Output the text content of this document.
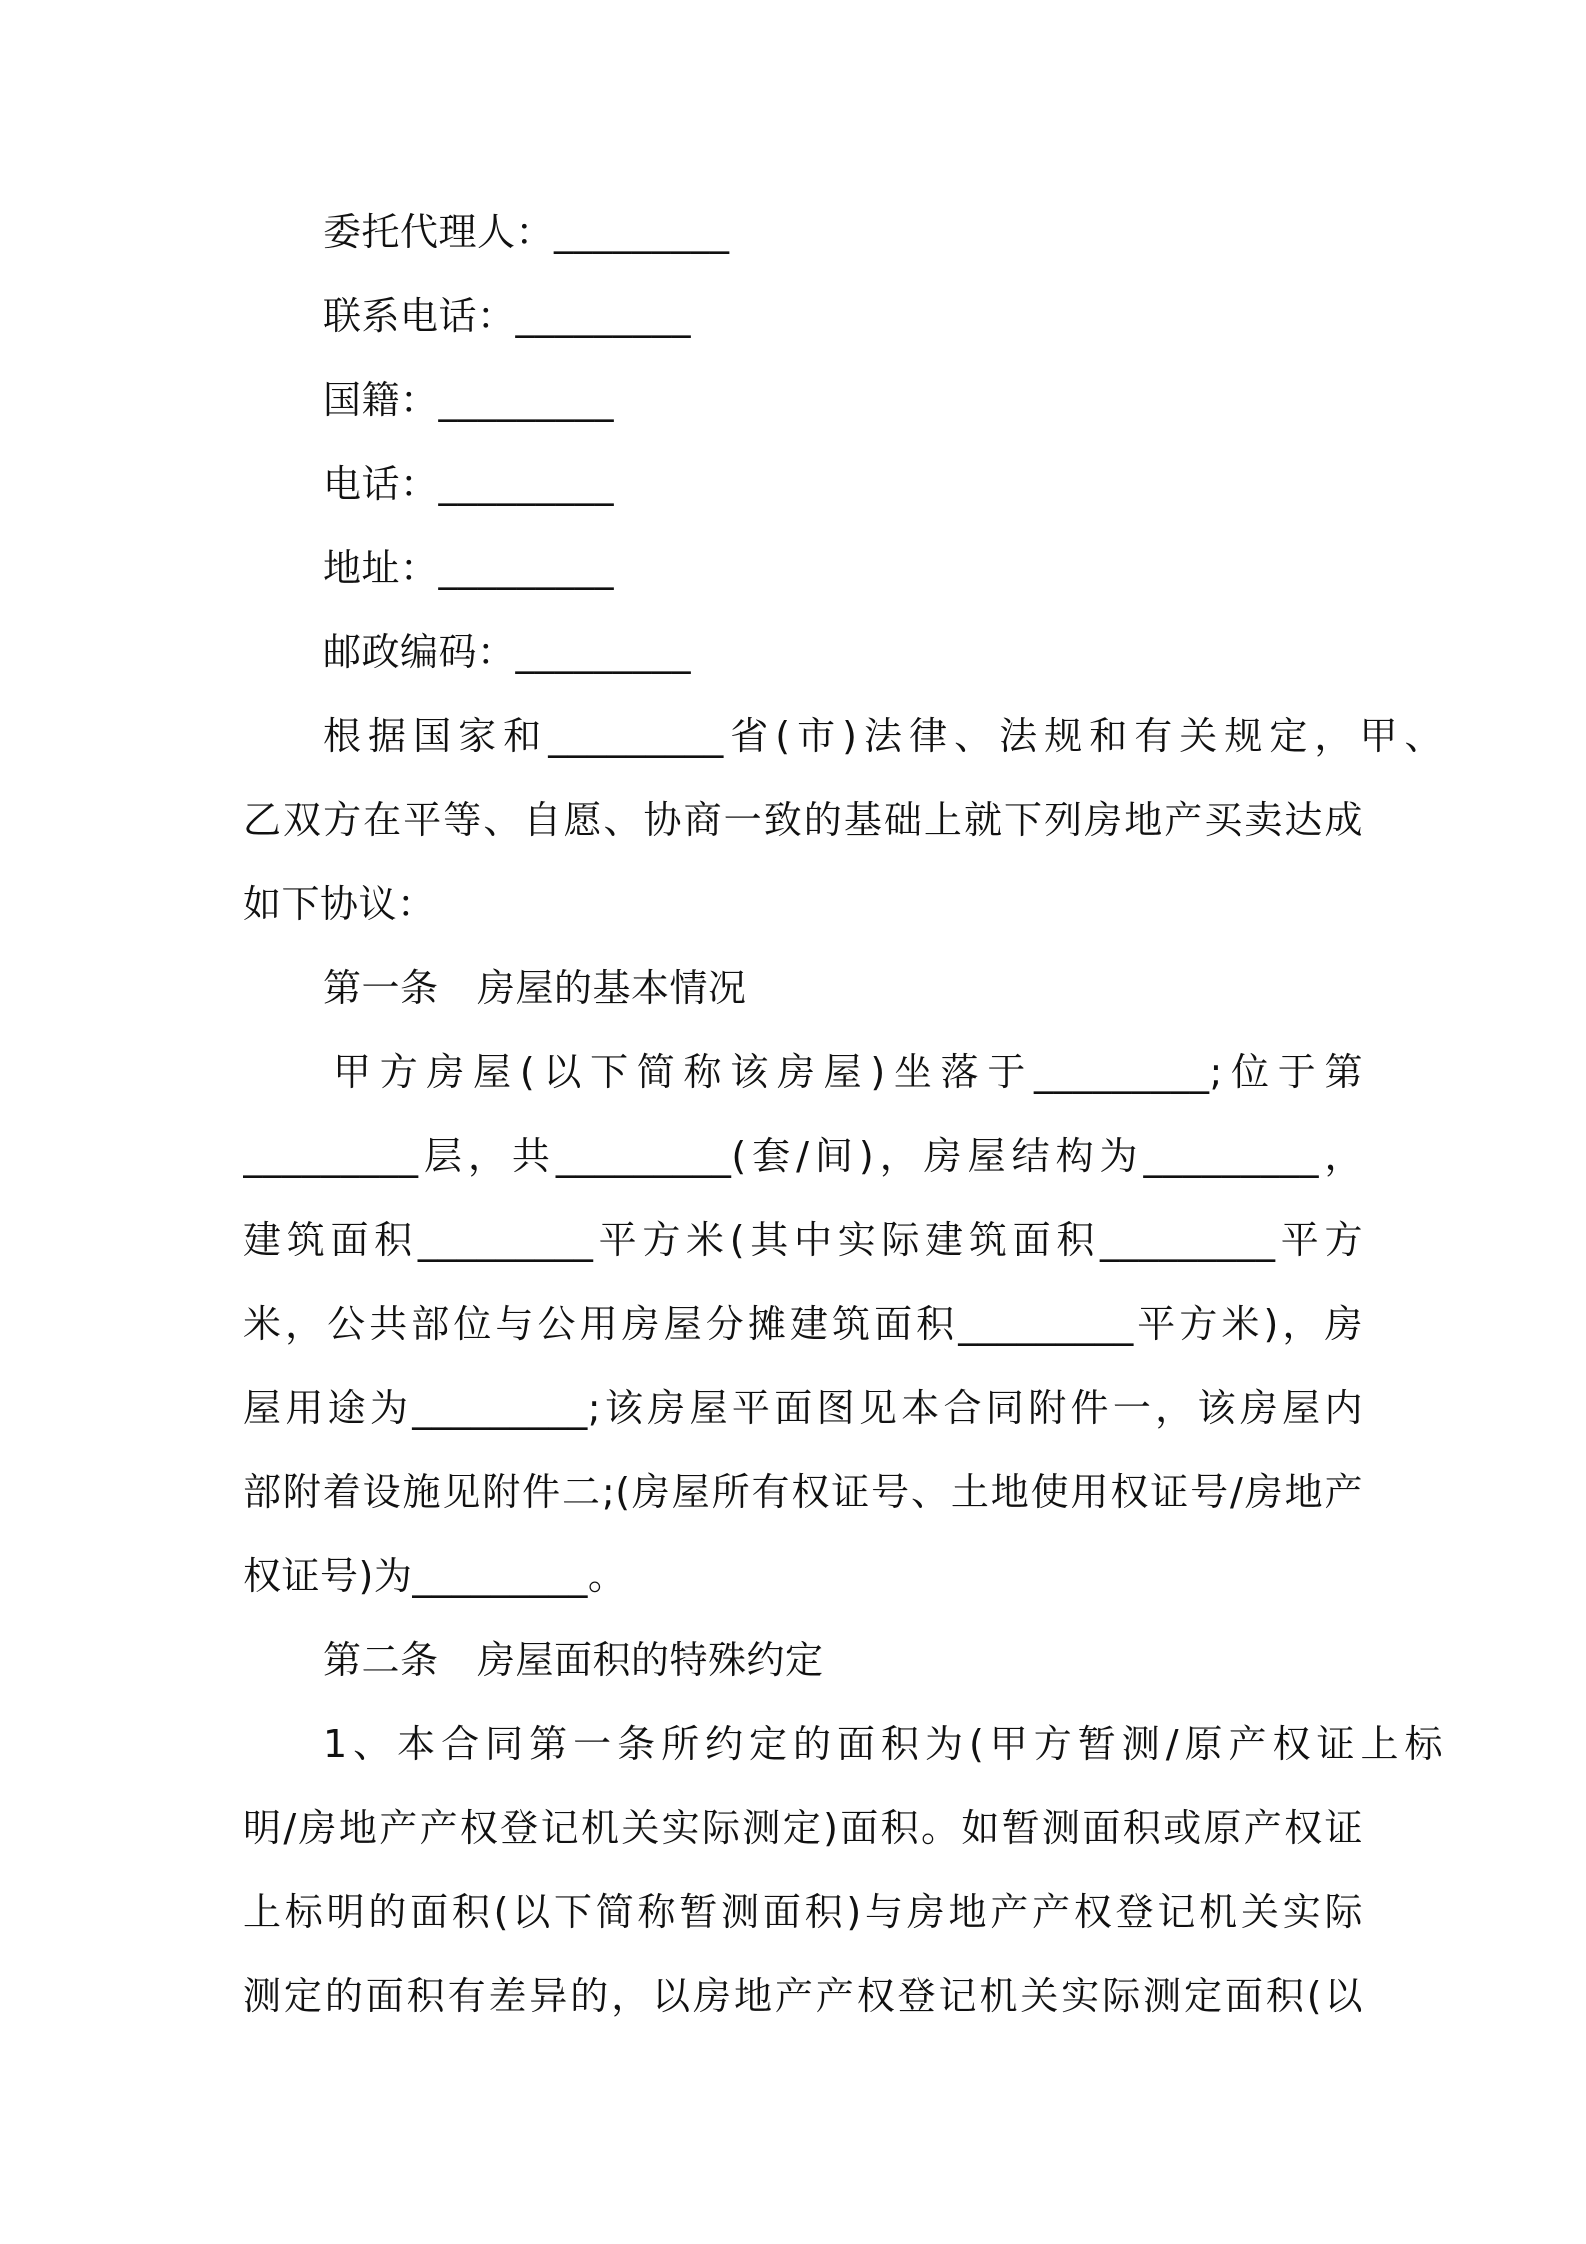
委托代理人：_________
联系电话：_________
国籍：_________
电话：_________
地址：_________
邮政编码：_________
根据国家和_________省(市)法律、法规和有关规定，甲、
乙双方在平等、自愿、协商一致的基础上就下列房地产买卖达成
如下协议：
第一条　房屋的基本情况
甲方房屋(以下简称该房屋)坐落于_________;位于第
_________层，共_________(套/间)，房屋结构为_________，
建筑面积_________平方米(其中实际建筑面积_________平方
米，公共部位与公用房屋分摊建筑面积_________平方米)，房
屋用途为_________;该房屋平面图见本合同附件一，该房屋内
部附着设施见附件二;(房屋所有权证号、土地使用权证号/房地产
权证号)为_________。
第二条　房屋面积的特殊约定
1、本合同第一条所约定的面积为(甲方暂测/原产权证上标
明/房地产产权登记机关实际测定)面积。如暂测面积或原产权证
上标明的面积(以下简称暂测面积)与房地产产权登记机关实际
测定的面积有差异的，以房地产产权登记机关实际测定面积(以
